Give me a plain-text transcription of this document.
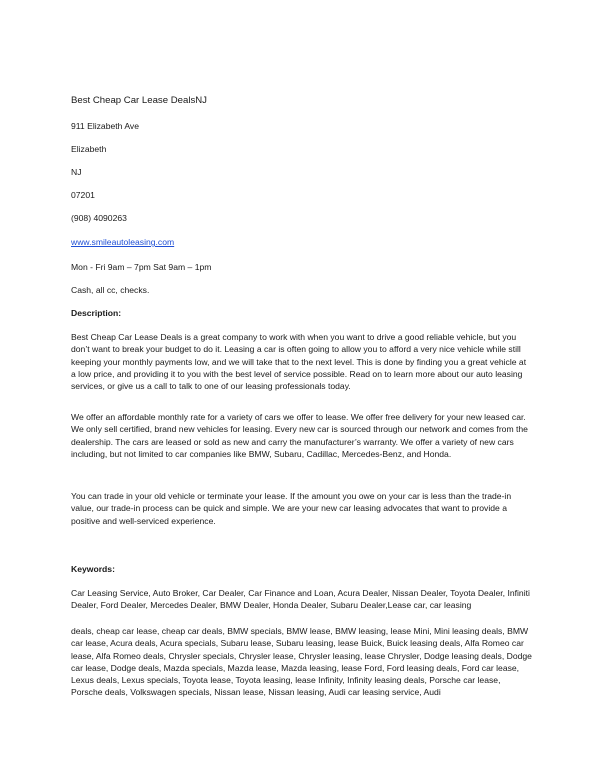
Best Cheap Car Lease DealsNJ
911 Elizabeth Ave
Elizabeth
NJ
07201
(908) 4090263
www.smileautoleasing.com
Mon - Fri 9am – 7pm Sat 9am – 1pm
Cash, all cc, checks.
Description:
Best Cheap Car Lease Deals is a great company to work with when you want to drive a good reliable vehicle, but you don’t want to break your budget to do it. Leasing a car is often going to allow you to afford a very nice vehicle while still keeping your monthly payments low, and we will take that to the next level. This is done by finding you a great vehicle at a low price, and providing it to you with the best level of service possible. Read on to learn more about our auto leasing services, or give us a call to talk to one of our leasing professionals today.
We offer an affordable monthly rate for a variety of cars we offer to lease. We offer free delivery for your new leased car. We only sell certified, brand new vehicles for leasing. Every new car is sourced through our network and comes from the dealership. The cars are leased or sold as new and carry the manufacturer’s warranty. We offer a variety of new cars including, but not limited to car companies like BMW, Subaru, Cadillac, Mercedes-Benz, and Honda.
You can trade in your old vehicle or terminate your lease. If the amount you owe on your car is less than the trade-in value, our trade-in process can be quick and simple. We are your new car leasing advocates that want to provide a positive and well-serviced experience.
Keywords:
Car Leasing Service, Auto Broker, Car Dealer, Car Finance and Loan, Acura Dealer, Nissan Dealer, Toyota Dealer, Infiniti Dealer, Ford Dealer, Mercedes Dealer, BMW Dealer, Honda Dealer, Subaru Dealer,Lease car, car leasing
deals, cheap car lease, cheap car deals, BMW specials, BMW lease, BMW leasing, lease Mini, Mini leasing deals, BMW car lease, Acura deals, Acura specials, Subaru lease, Subaru leasing, lease Buick, Buick leasing deals, Alfa Romeo car lease, Alfa Romeo deals, Chrysler specials, Chrysler lease, Chrysler leasing, lease Chrysler, Dodge leasing deals, Dodge car lease, Dodge deals, Mazda specials, Mazda lease, Mazda leasing, lease Ford, Ford leasing deals, Ford car lease, Lexus deals, Lexus specials, Toyota lease, Toyota leasing, lease Infinity, Infinity leasing deals, Porsche car lease, Porsche deals, Volkswagen specials, Nissan lease, Nissan leasing, Audi car leasing service, Audi
